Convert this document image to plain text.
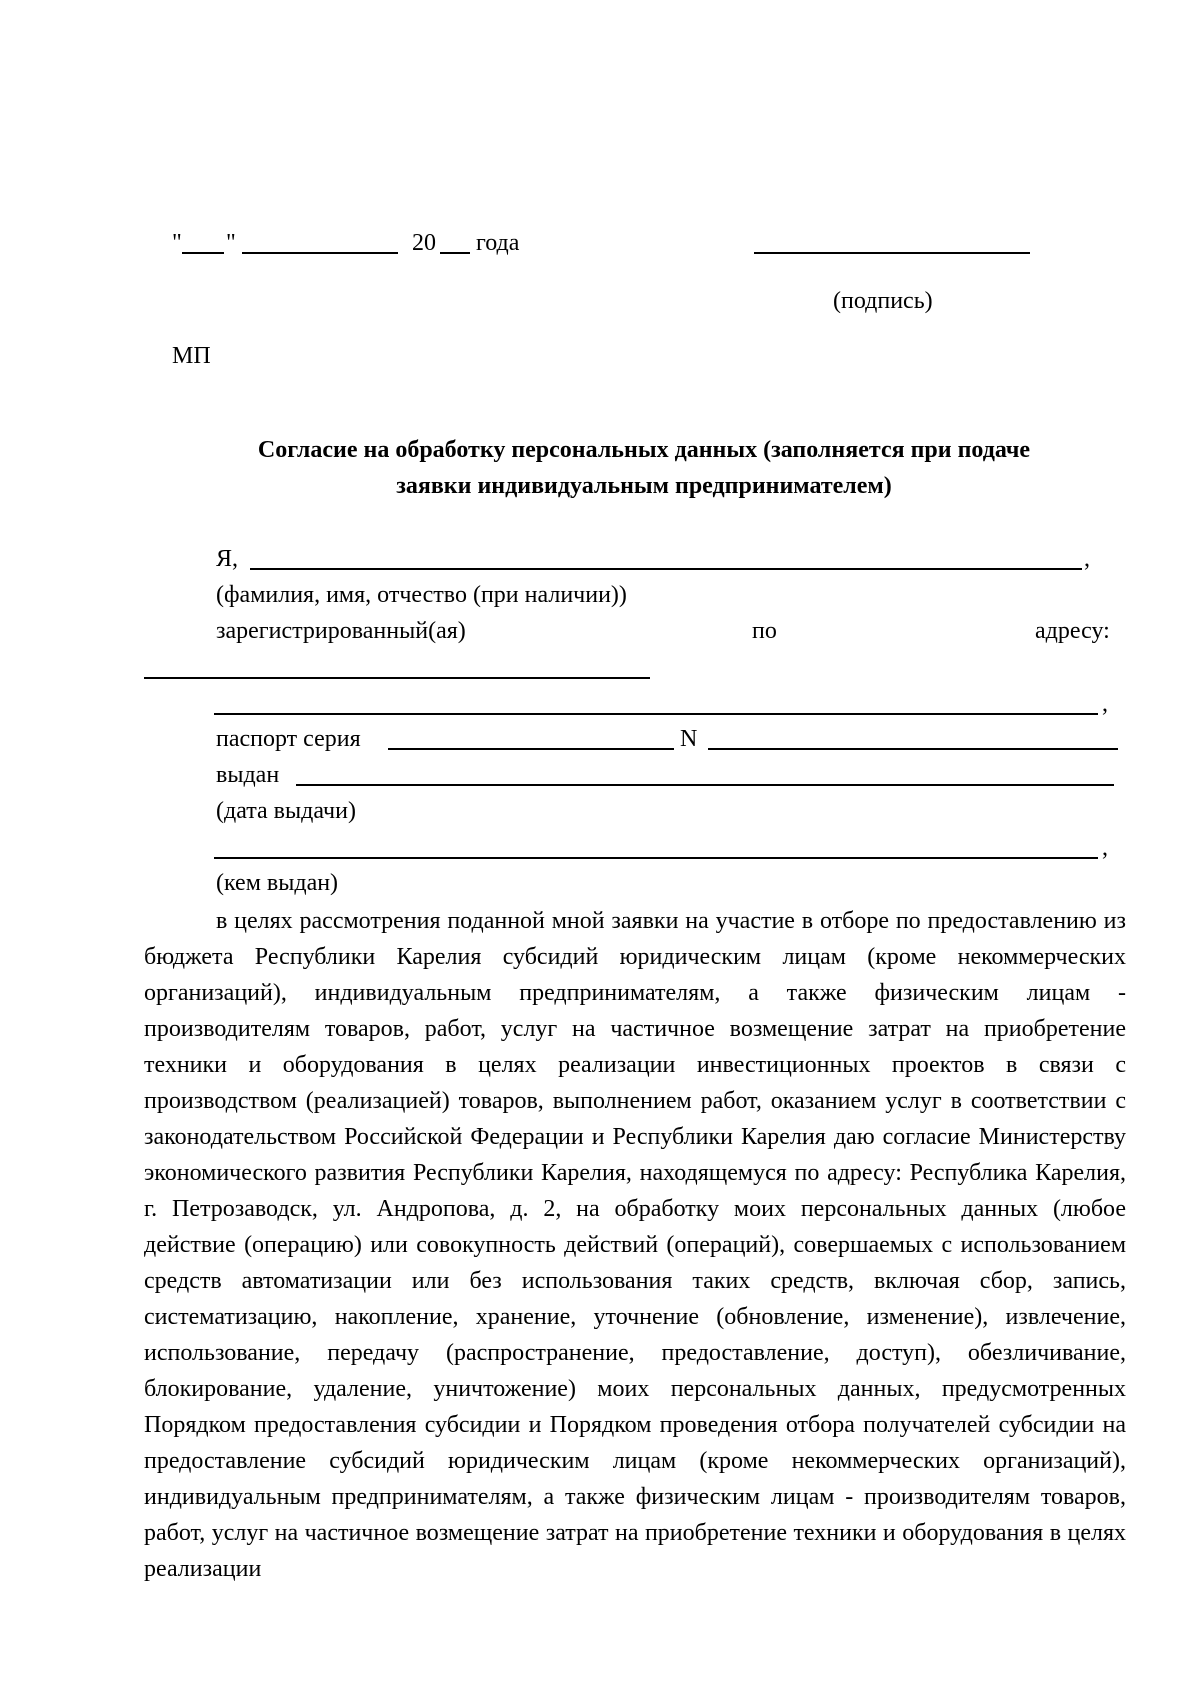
" "	20 года
(подпись)
МП
Согласие на обработку персональных данных (заполняется при подаче
заявки индивидуальным предпринимателем)
Я,	,
(фамилия, имя, отчество (при наличии))
зарегистрированный(ая)	по	адресу:
,
паспорт серия	N
выдан
(дата выдачи)
,
(кем выдан)
в целях рассмотрения поданной мной заявки на участие в отборе по предоставлению из бюджета Республики Карелия субсидий юридическим лицам (кроме некоммерческих организаций), индивидуальным предпринимателям, а также физическим лицам - производителям товаров, работ, услуг на частичное возмещение затрат на приобретение техники и оборудования в целях реализации инвестиционных проектов в связи с производством (реализацией) товаров, выполнением работ, оказанием услуг в соответствии с законодательством Российской Федерации и Республики Карелия даю согласие Министерству экономического развития Республики Карелия, находящемуся по адресу: Республика Карелия, г. Петрозаводск, ул. Андропова, д. 2, на обработку моих персональных данных (любое действие (операцию) или совокупность действий (операций), совершаемых с использованием средств автоматизации или без использования таких средств, включая сбор, запись, систематизацию, накопление, хранение, уточнение (обновление, изменение), извлечение, использование, передачу (распространение, предоставление, доступ), обезличивание, блокирование, удаление, уничтожение) моих персональных данных, предусмотренных Порядком предоставления субсидии и Порядком проведения отбора получателей субсидии на предоставление субсидий юридическим лицам (кроме некоммерческих организаций), индивидуальным предпринимателям, а также физическим лицам - производителям товаров, работ, услуг на частичное возмещение затрат на приобретение техники и оборудования в целях реализации
